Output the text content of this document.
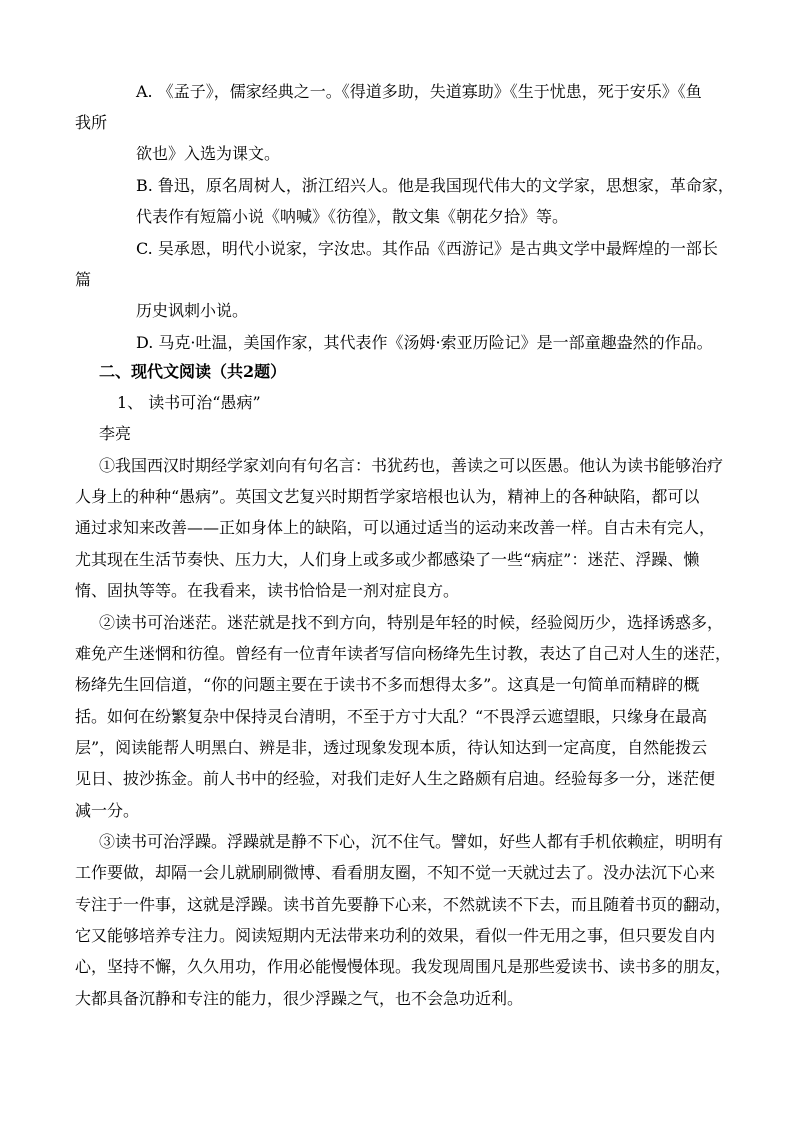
A. 《孟子》，儒家经典之一。《得道多助，失道寡助》《生于忧患，死于安乐》《鱼
我所
欲也》入选为课文。
B. 鲁迅，原名周树人，浙江绍兴人。他是我国现代伟大的文学家，思想家，革命家，
代表作有短篇小说《呐喊》《彷徨》，散文集《朝花夕拾》等。
C. 吴承恩，明代小说家，字汝忠。其作品《西游记》是古典文学中最辉煌的一部长
篇
历史讽刺小说。
D. 马克·吐温，美国作家，其代表作《汤姆·索亚历险记》是一部童趣盎然的作品。
二、现代文阅读（共2题）
1、 读书可治“愚病”
李亮
①我国西汉时期经学家刘向有句名言：书犹药也，善读之可以医愚。他认为读书能够治疗
人身上的种种“愚病”。英国文艺复兴时期哲学家培根也认为，精神上的各种缺陷，都可以
通过求知来改善——正如身体上的缺陷，可以通过适当的运动来改善一样。自古未有完人，
尤其现在生活节奏快、压力大，人们身上或多或少都感染了一些“病症”：迷茫、浮躁、懒
惰、固执等等。在我看来，读书恰恰是一剂对症良方。
②读书可治迷茫。迷茫就是找不到方向，特别是年轻的时候，经验阅历少，选择诱惑多，
难免产生迷惘和彷徨。曾经有一位青年读者写信向杨绛先生讨教，表达了自己对人生的迷茫，
杨绛先生回信道，“你的问题主要在于读书不多而想得太多”。这真是一句简单而精辟的概
括。如何在纷繁复杂中保持灵台清明，不至于方寸大乱？“不畏浮云遮望眼，只缘身在最高
层”，阅读能帮人明黑白、辨是非，透过现象发现本质，待认知达到一定高度，自然能拨云
见日、披沙拣金。前人书中的经验，对我们走好人生之路颇有启迪。经验每多一分，迷茫便
减一分。
③读书可治浮躁。浮躁就是静不下心，沉不住气。譬如，好些人都有手机依赖症，明明有
工作要做，却隔一会儿就刷刷微博、看看朋友圈，不知不觉一天就过去了。没办法沉下心来
专注于一件事，这就是浮躁。读书首先要静下心来，不然就读不下去，而且随着书页的翻动，
它又能够培养专注力。阅读短期内无法带来功利的效果，看似一件无用之事，但只要发自内
心，坚持不懈，久久用功，作用必能慢慢体现。我发现周围凡是那些爱读书、读书多的朋友，
大都具备沉静和专注的能力，很少浮躁之气，也不会急功近利。
